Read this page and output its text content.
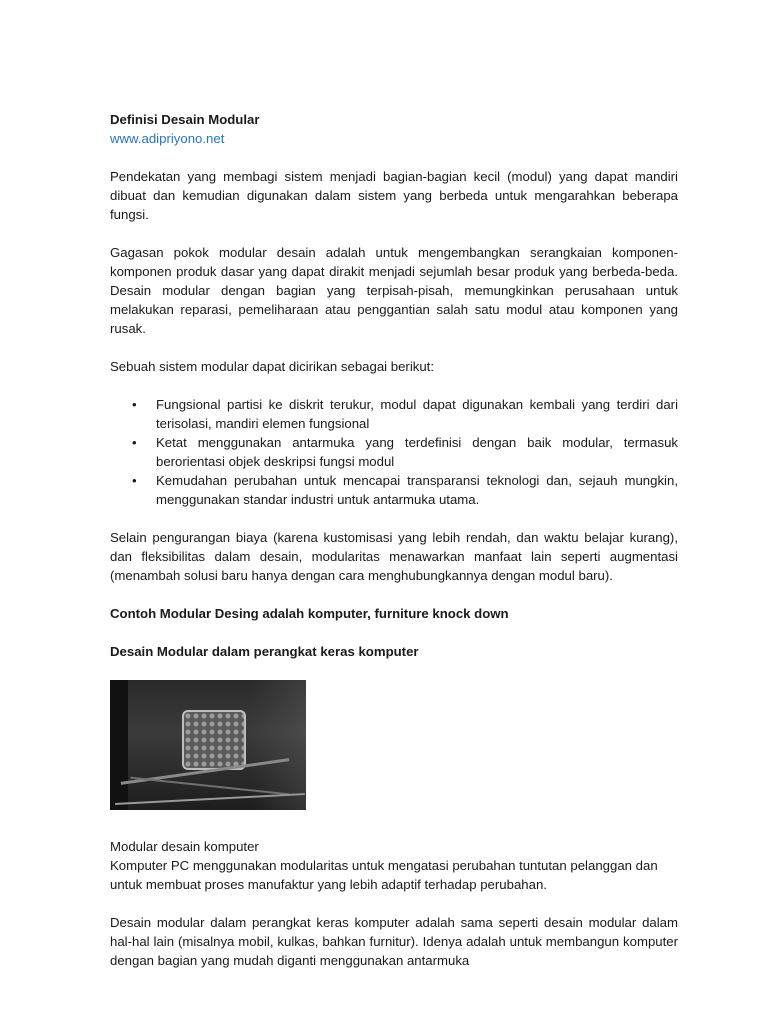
Definisi Desain Modular

www.adipriyono.net

Pendekatan yang membagi sistem menjadi bagian-bagian kecil (modul) yang dapat mandiri dibuat dan kemudian digunakan dalam sistem yang berbeda untuk mengarahkan beberapa fungsi.

Gagasan pokok modular desain adalah untuk mengembangkan serangkaian komponen-komponen produk dasar yang dapat dirakit menjadi sejumlah besar produk yang berbeda-beda. Desain modular dengan bagian yang terpisah-pisah, memungkinkan perusahaan untuk melakukan reparasi, pemeliharaan atau penggantian salah satu modul atau komponen yang rusak.

Sebuah sistem modular dapat dicirikan sebagai berikut:

• Fungsional partisi ke diskrit terukur, modul dapat digunakan kembali yang terdiri dari terisolasi, mandiri elemen fungsional
• Ketat menggunakan antarmuka yang terdefinisi dengan baik modular, termasuk berorientasi objek deskripsi fungsi modul
• Kemudahan perubahan untuk mencapai transparansi teknologi dan, sejauh mungkin, menggunakan standar industri untuk antarmuka utama.

Selain pengurangan biaya (karena kustomisasi yang lebih rendah, dan waktu belajar kurang), dan fleksibilitas dalam desain, modularitas menawarkan manfaat lain seperti augmentasi (menambah solusi baru hanya dengan cara menghubungkannya dengan modul baru).

Contoh Modular Desing adalah komputer, furniture knock down

Desain Modular dalam perangkat keras komputer

Modular desain komputer

Komputer PC menggunakan modularitas untuk mengatasi perubahan tuntutan pelanggan dan untuk membuat proses manufaktur yang lebih adaptif terhadap perubahan.

Desain modular dalam perangkat keras komputer adalah sama seperti desain modular dalam hal-hal lain (misalnya mobil, kulkas, bahkan furnitur). Idenya adalah untuk membangun komputer dengan bagian yang mudah diganti menggunakan antarmuka
